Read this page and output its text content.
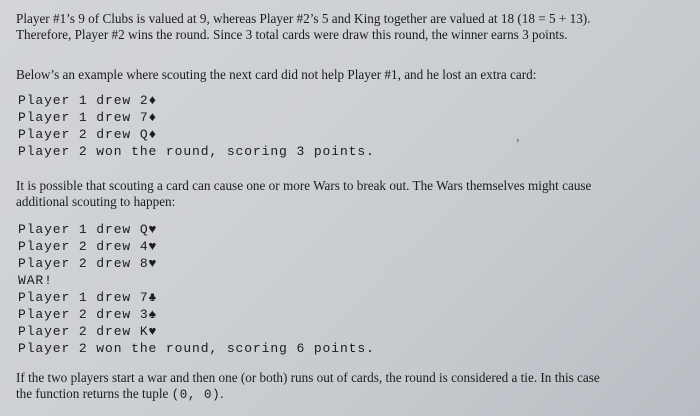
Player #1’s 9 of Clubs is valued at 9, whereas Player #2’s 5 and King together are valued at 18 (18 = 5 + 13).
Therefore, Player #2 wins the round. Since 3 total cards were draw this round, the winner earns 3 points.

Below’s an example where scouting the next card did not help Player #1, and he lost an extra card:

Player 1 drew 2♦
Player 1 drew 7♦
Player 2 drew Q♦
Player 2 won the round, scoring 3 points.
›

It is possible that scouting a card can cause one or more Wars to break out. The Wars themselves might cause
additional scouting to happen:

Player 1 drew Q♥
Player 2 drew 4♥
Player 2 drew 8♥
WAR!
Player 1 drew 7♣
Player 2 drew 3♠
Player 2 drew K♥
Player 2 won the round, scoring 6 points.

If the two players start a war and then one (or both) runs out of cards, the round is considered a tie. In this case
the function returns the tuple (0, 0).
